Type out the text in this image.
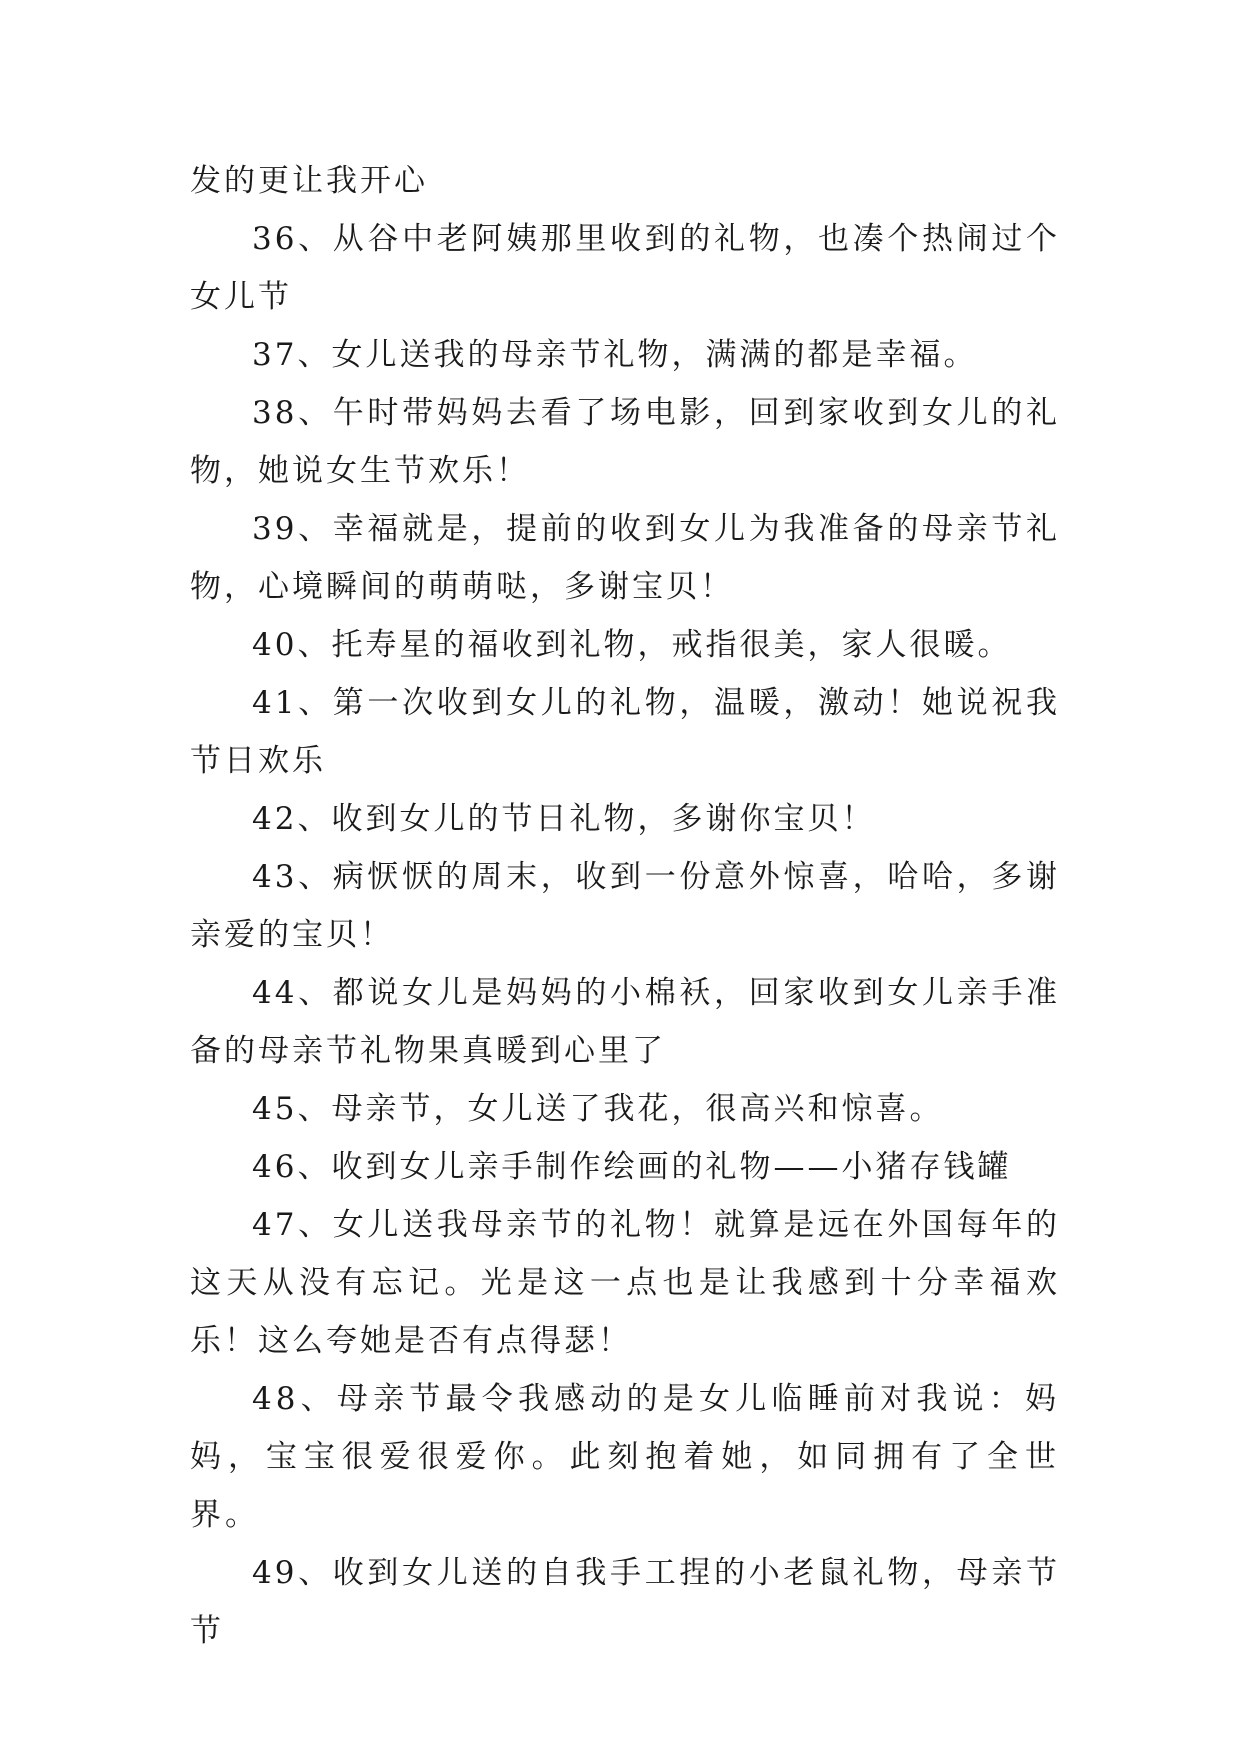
发的更让我开心

36、从谷中老阿姨那里收到的礼物，也凑个热闹过个女儿节

37、女儿送我的母亲节礼物，满满的都是幸福。

38、午时带妈妈去看了场电影，回到家收到女儿的礼物，她说女生节欢乐！

39、幸福就是，提前的收到女儿为我准备的母亲节礼物，心境瞬间的萌萌哒，多谢宝贝！

40、托寿星的福收到礼物，戒指很美，家人很暖。

41、第一次收到女儿的礼物，温暖，激动！她说祝我节日欢乐

42、收到女儿的节日礼物，多谢你宝贝！

43、病恹恹的周末，收到一份意外惊喜，哈哈，多谢亲爱的宝贝！

44、都说女儿是妈妈的小棉袄，回家收到女儿亲手准备的母亲节礼物果真暖到心里了

45、母亲节，女儿送了我花，很高兴和惊喜。

46、收到女儿亲手制作绘画的礼物——小猪存钱罐

47、女儿送我母亲节的礼物！就算是远在外国每年的这天从没有忘记。光是这一点也是让我感到十分幸福欢乐！这么夸她是否有点得瑟！

48、母亲节最令我感动的是女儿临睡前对我说：妈妈，宝宝很爱很爱你。此刻抱着她，如同拥有了全世界。

49、收到女儿送的自我手工捏的小老鼠礼物，母亲节节
